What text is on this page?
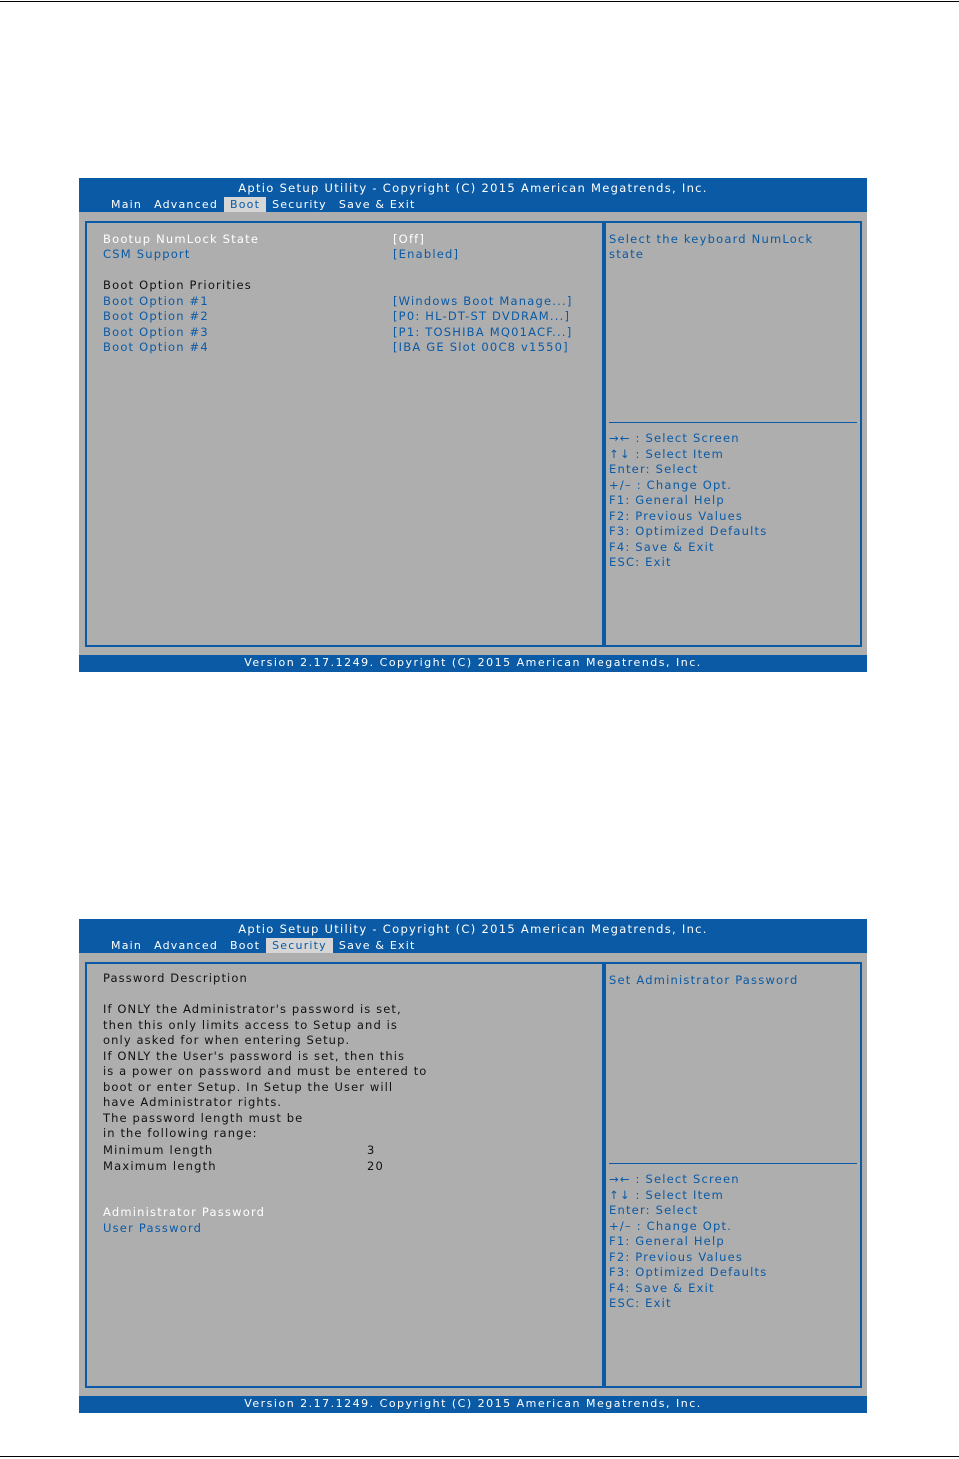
Aptio Setup Utility - Copyright (C) 2015 American Megatrends, Inc.
Main	Advanced	Boot	Security	Save & Exit
Bootup NumLock State	[Off]
CSM Support	[Enabled]
Boot Option Priorities
Boot Option #1	[Windows Boot Manage...]
Boot Option #2	[P0: HL-DT-ST DVDRAM...]
Boot Option #3	[P1: TOSHIBA MQ01ACF...]
Boot Option #4	[IBA GE Slot 00C8 v1550]
Select the keyboard NumLock
state
→← : Select Screen
↑↓ : Select Item
Enter: Select
+/– : Change Opt.
F1: General Help
F2: Previous Values
F3: Optimized Defaults
F4: Save & Exit
ESC: Exit
Version 2.17.1249. Copyright (C) 2015 American Megatrends, Inc.
Aptio Setup Utility - Copyright (C) 2015 American Megatrends, Inc.
Main	Advanced	Boot	Security	Save & Exit
Password Description
If ONLY the Administrator's password is set,
then this only limits access to Setup and is
only asked for when entering Setup.
If ONLY the User's password is set, then this
is a power on password and must be entered to
boot or enter Setup. In Setup the User will
have Administrator rights.
The password length must be
in the following range:
Minimum length	3
Maximum length	20
Administrator Password
User Password
Set Administrator Password
→← : Select Screen
↑↓ : Select Item
Enter: Select
+/– : Change Opt.
F1: General Help
F2: Previous Values
F3: Optimized Defaults
F4: Save & Exit
ESC: Exit
Version 2.17.1249. Copyright (C) 2015 American Megatrends, Inc.
